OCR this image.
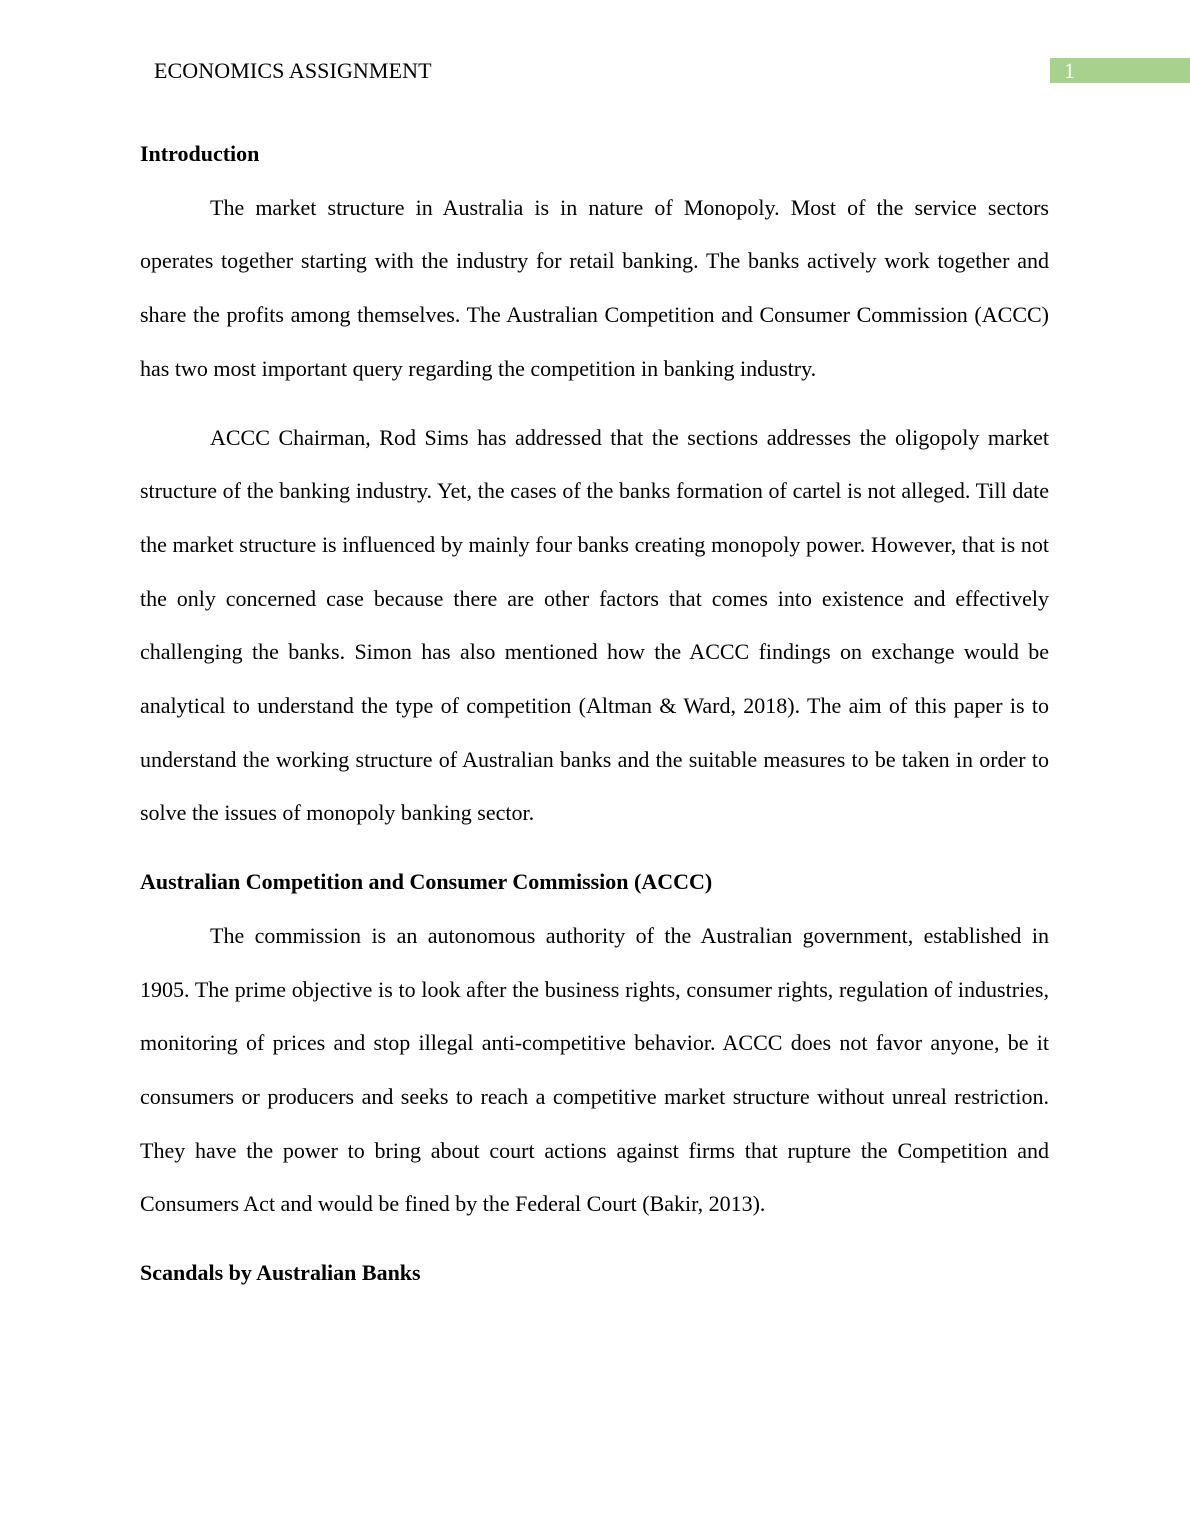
ECONOMICS ASSIGNMENT	1
Introduction

The market structure in Australia is in nature of Monopoly. Most of the service sectors operates together starting with the industry for retail banking. The banks actively work together and share the profits among themselves. The Australian Competition and Consumer Commission (ACCC) has two most important query regarding the competition in banking industry.

ACCC Chairman, Rod Sims has addressed that the sections addresses the oligopoly market structure of the banking industry. Yet, the cases of the banks formation of cartel is not alleged. Till date the market structure is influenced by mainly four banks creating monopoly power. However, that is not the only concerned case because there are other factors that comes into existence and effectively challenging the banks. Simon has also mentioned how the ACCC findings on exchange would be analytical to understand the type of competition (Altman & Ward, 2018). The aim of this paper is to understand the working structure of Australian banks and the suitable measures to be taken in order to solve the issues of monopoly banking sector.

Australian Competition and Consumer Commission (ACCC)

The commission is an autonomous authority of the Australian government, established in 1905. The prime objective is to look after the business rights, consumer rights, regulation of industries, monitoring of prices and stop illegal anti-competitive behavior. ACCC does not favor anyone, be it consumers or producers and seeks to reach a competitive market structure without unreal restriction. They have the power to bring about court actions against firms that rupture the Competition and Consumers Act and would be fined by the Federal Court (Bakir, 2013).

Scandals by Australian Banks
